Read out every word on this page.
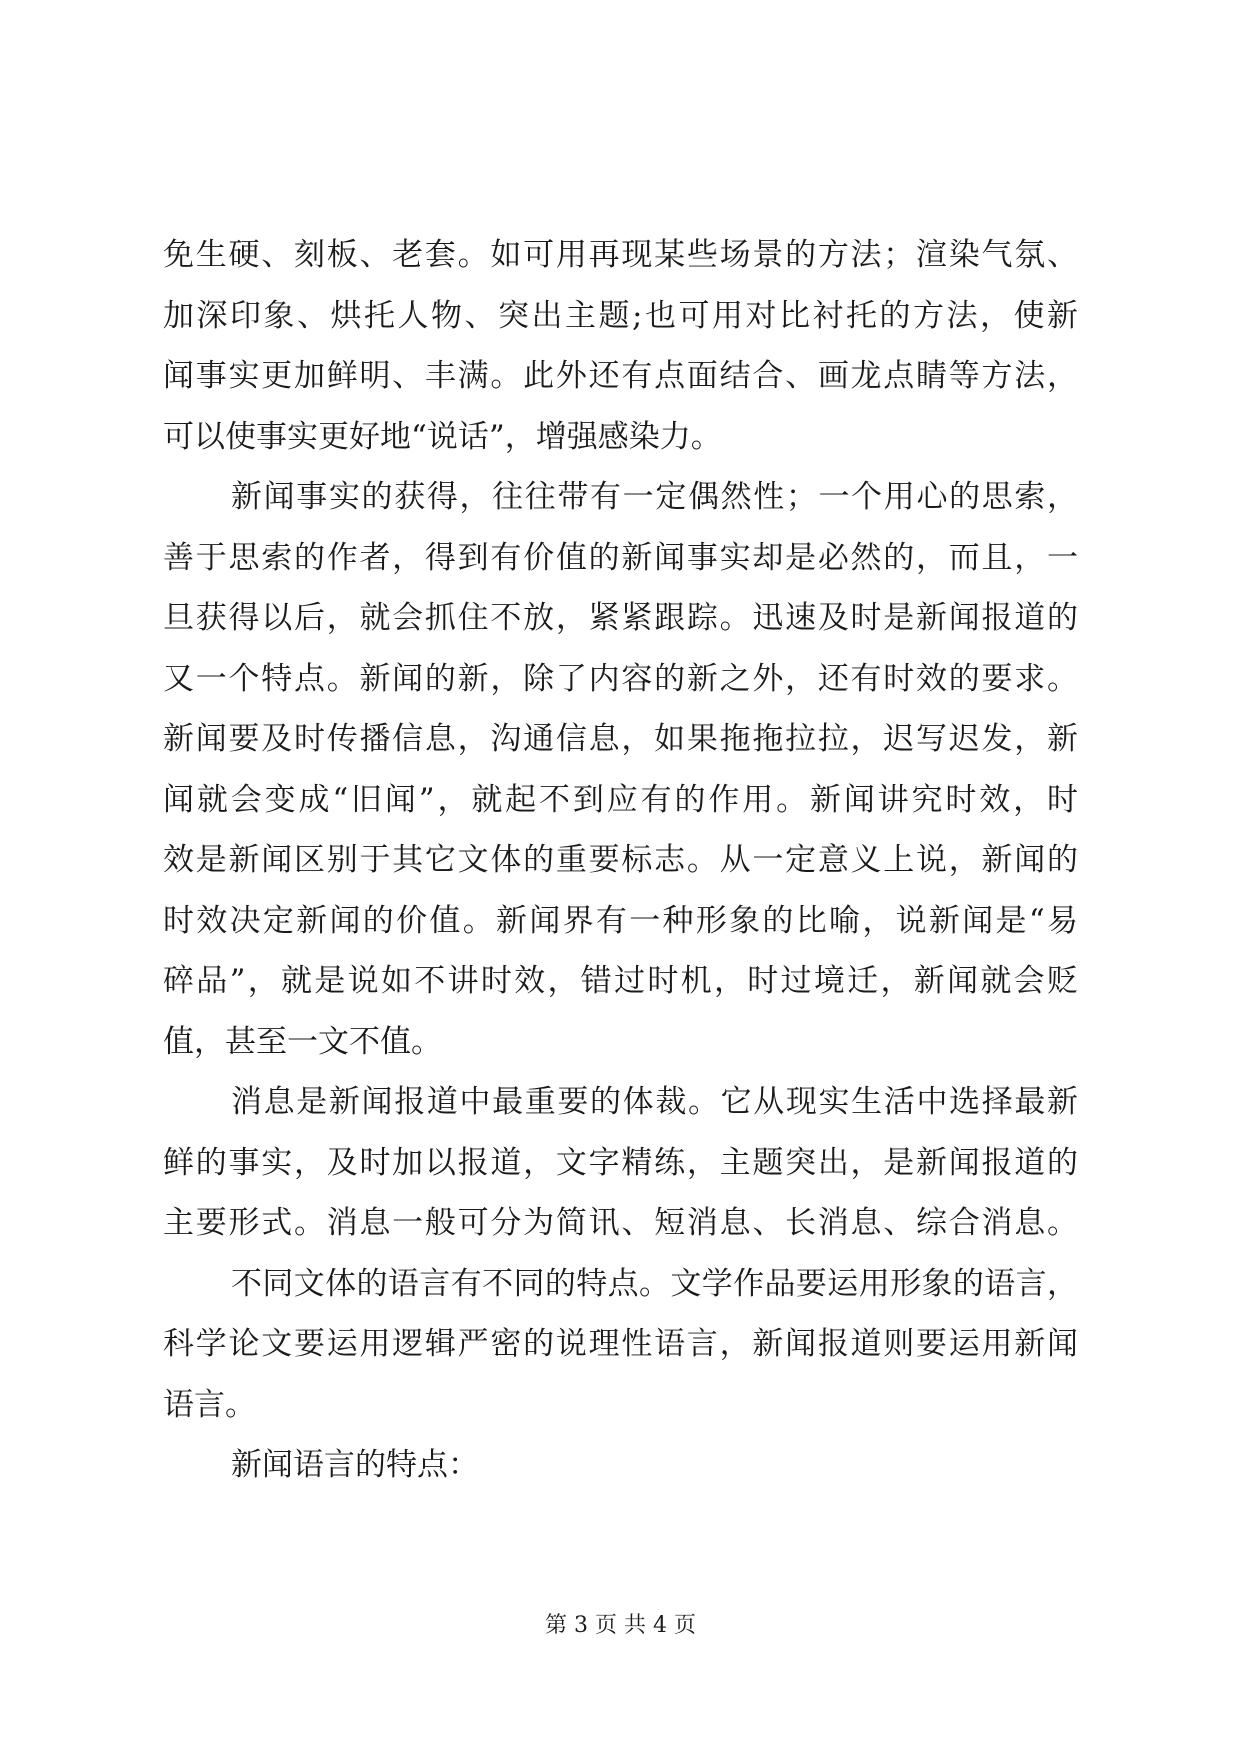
免生硬、刻板、老套。如可用再现某些场景的方法；渲染气氛、
加深印象、烘托人物、突出主题;也可用对比衬托的方法，使新
闻事实更加鲜明、丰满。此外还有点面结合、画龙点睛等方法，
可以使事实更好地“说话”，增强感染力。
新闻事实的获得，往往带有一定偶然性；一个用心的思索，
善于思索的作者，得到有价值的新闻事实却是必然的，而且，一
旦获得以后，就会抓住不放，紧紧跟踪。迅速及时是新闻报道的
又一个特点。新闻的新，除了内容的新之外，还有时效的要求。
新闻要及时传播信息，沟通信息，如果拖拖拉拉，迟写迟发，新
闻就会变成“旧闻”，就起不到应有的作用。新闻讲究时效，时
效是新闻区别于其它文体的重要标志。从一定意义上说，新闻的
时效决定新闻的价值。新闻界有一种形象的比喻，说新闻是“易
碎品”，就是说如不讲时效，错过时机，时过境迁，新闻就会贬
值，甚至一文不值。
消息是新闻报道中最重要的体裁。它从现实生活中选择最新
鲜的事实，及时加以报道，文字精练，主题突出，是新闻报道的
主要形式。消息一般可分为简讯、短消息、长消息、综合消息。
不同文体的语言有不同的特点。文学作品要运用形象的语言，
科学论文要运用逻辑严密的说理性语言，新闻报道则要运用新闻
语言。
新闻语言的特点：
第 3 页 共 4 页
